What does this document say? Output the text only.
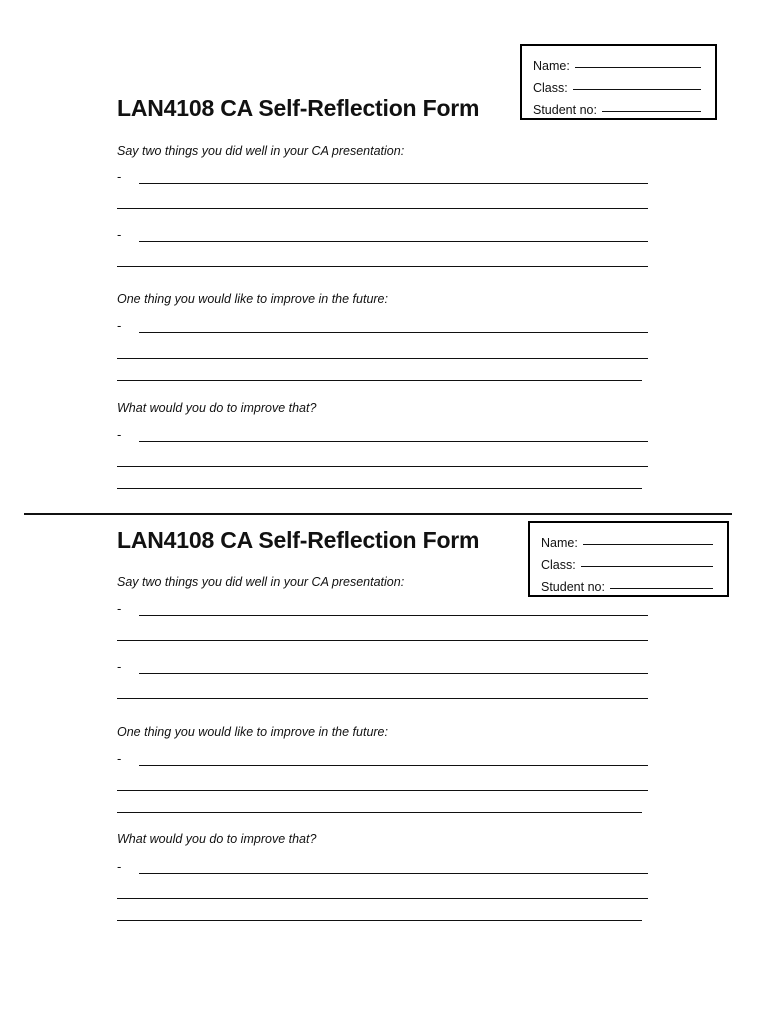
Name:
Class:
Student no:
LAN4108 CA Self-Reflection Form
Say two things you did well in your CA presentation:
-
-
One thing you would like to improve in the future:
-
What would you do to improve that?
-
LAN4108 CA Self-Reflection Form	Name:
Class:
Student no:
Say two things you did well in your CA presentation:
-
-
One thing you would like to improve in the future:
-
What would you do to improve that?
-
